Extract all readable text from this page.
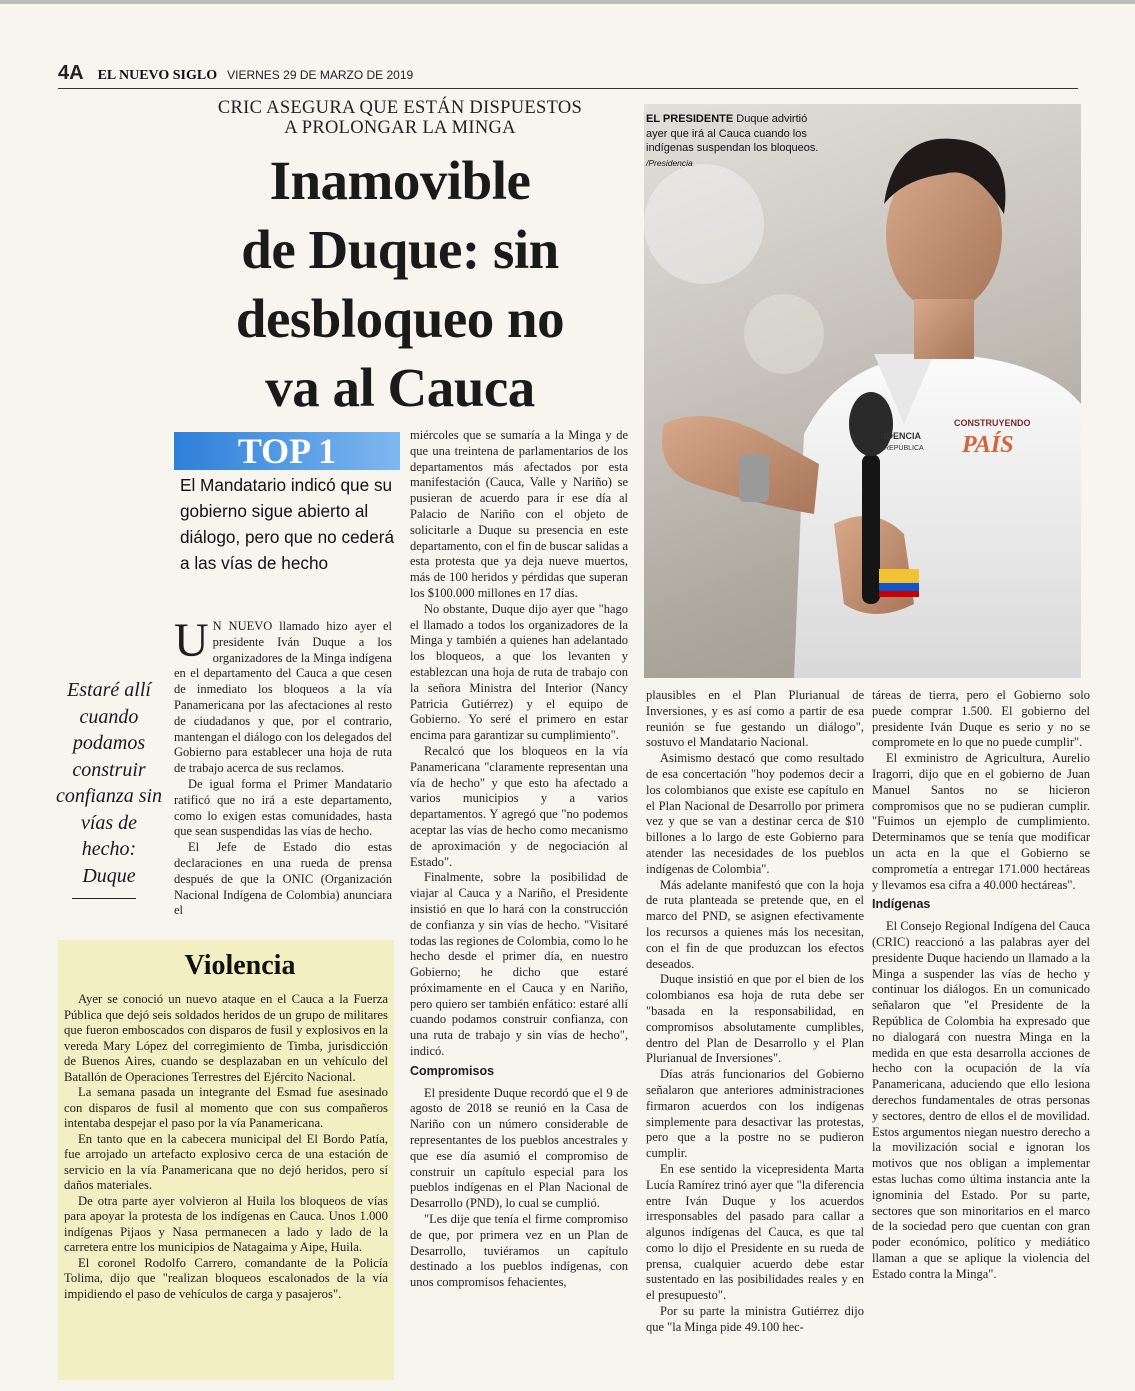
4A EL NUEVO SIGLO VIERNES 29 DE MARZO DE 2019
CRIC ASEGURA QUE ESTÁN DISPUESTOS
A PROLONGAR LA MINGA
Inamovible
de Duque: sin
desbloqueo no
va al Cauca
TOP 1
El Mandatario indicó que su gobierno sigue abierto al diálogo, pero que no cederá a las vías de hecho
Estaré allí cuando podamos construir confianza sin vías de hecho: Duque

U N NUEVO llamado hizo ayer el presidente Iván Duque a los organizadores de la Minga indígena en el departamento del Cauca a que cesen de inmediato los bloqueos a la vía Panamericana por las afectaciones al resto de ciudadanos y que, por el contrario, mantengan el diálogo con los delegados del Gobierno para establecer una hoja de ruta de trabajo acerca de sus reclamos.

De igual forma el Primer Mandatario ratificó que no irá a este departamento, como lo exigen estas comunidades, hasta que sean suspendidas las vías de hecho.

El Jefe de Estado dio estas declaraciones en una rueda de prensa después de que la ONIC (Organización Nacional Indígena de Colombia) anunciara el

miércoles que se sumaría a la Minga y de que una treintena de parlamentarios de los departamentos más afectados por esta manifestación (Cauca, Valle y Nariño) se pusieran de acuerdo para ir ese día al Palacio de Nariño con el objeto de solicitarle a Duque su presencia en este departamento, con el fin de buscar salidas a esta protesta que ya deja nueve muertos, más de 100 heridos y pérdidas que superan los $100.000 millones en 17 días.

No obstante, Duque dijo ayer que "hago el llamado a todos los organizadores de la Minga y también a quienes han adelantado los bloqueos, a que los levanten y establezcan una hoja de ruta de trabajo con la señora Ministra del Interior (Nancy Patricia Gutiérrez) y el equipo de Gobierno. Yo seré el primero en estar encima para garantizar su cumplimiento".

Recalcó que los bloqueos en la vía Panamericana "claramente representan una vía de hecho" y que esto ha afectado a varios municipios y a varios departamentos. Y agregó que "no podemos aceptar las vías de hecho como mecanismo de aproximación y de negociación al Estado".

Finalmente, sobre la posibilidad de viajar al Cauca y a Nariño, el Presidente insistió en que lo hará con la construcción de confianza y sin vías de hecho. "Visitaré todas las regiones de Colombia, como lo he hecho desde el primer día, en nuestro Gobierno; he dicho que estaré próximamente en el Cauca y en Nariño, pero quiero ser también enfático: estaré allí cuando podamos construir confianza, con una ruta de trabajo y sin vías de hecho", indicó.

Compromisos

El presidente Duque recordó que el 9 de agosto de 2018 se reunió en la Casa de Nariño con un número considerable de representantes de los pueblos ancestrales y que ese día asumió el compromiso de construir un capítulo especial para los pueblos indígenas en el Plan Nacional de Desarrollo (PND), lo cual se cumplió.

"Les dije que tenía el firme compromiso de que, por primera vez en un Plan de Desarrollo, tuviéramos un capítulo destinado a los pueblos indígenas, con unos compromisos fehacientes,

plausibles en el Plan Plurianual de Inversiones, y es así como a partir de esa reunión se fue gestando un diálogo", sostuvo el Mandatario Nacional.

Asimismo destacó que como resultado de esa concertación "hoy podemos decir a los colombianos que existe ese capítulo en el Plan Nacional de Desarrollo por primera vez y que se van a destinar cerca de $10 billones a lo largo de este Gobierno para atender las necesidades de los pueblos indígenas de Colombia".

Más adelante manifestó que con la hoja de ruta planteada se pretende que, en el marco del PND, se asignen efectivamente los recursos a quienes más los necesitan, con el fin de que produzcan los efectos deseados.

Duque insistió en que por el bien de los colombianos esa hoja de ruta debe ser "basada en la responsabilidad, en compromisos absolutamente cumplibles, dentro del Plan de Desarrollo y el Plan Plurianual de Inversiones".

Días atrás funcionarios del Gobierno señalaron que anteriores administraciones firmaron acuerdos con los indígenas simplemente para desactivar las protestas, pero que a la postre no se pudieron cumplir.

En ese sentido la vicepresidenta Marta Lucía Ramírez trinó ayer que "la diferencia entre Iván Duque y los acuerdos irresponsables del pasado para callar a algunos indígenas del Cauca, es que tal como lo dijo el Presidente en su rueda de prensa, cualquier acuerdo debe estar sustentado en las posibilidades reales y en el presupuesto".

Por su parte la ministra Gutiérrez dijo que "la Minga pide 49.100 hec-

táreas de tierra, pero el Gobierno solo puede comprar 1.500. El gobierno del presidente Iván Duque es serio y no se compromete en lo que no puede cumplir".

El exministro de Agricultura, Aurelio Iragorri, dijo que en el gobierno de Juan Manuel Santos no se hicieron compromisos que no se pudieran cumplir. "Fuimos un ejemplo de cumplimiento. Determinamos que se tenía que modificar un acta en la que el Gobierno se comprometía a entregar 171.000 hectáreas y llevamos esa cifra a 40.000 hectáreas".

Indígenas

El Consejo Regional Indígena del Cauca (CRIC) reaccionó a las palabras ayer del presidente Duque haciendo un llamado a la Minga a suspender las vías de hecho y continuar los diálogos. En un comunicado señalaron que "el Presidente de la República de Colombia ha expresado que no dialogará con nuestra Minga en la medida en que esta desarrolla acciones de hecho con la ocupación de la vía Panamericana, aduciendo que ello lesiona derechos fundamentales de otras personas y sectores, dentro de ellos el de movilidad. Estos argumentos niegan nuestro derecho a la movilización social e ignoran los motivos que nos obligan a implementar estas luchas como última instancia ante la ignominia del Estado. Por su parte, sectores que son minoritarios en el marco de la sociedad pero que cuentan con gran poder económico, político y mediático llaman a que se aplique la violencia del Estado contra la Minga".

Violencia

Ayer se conoció un nuevo ataque en el Cauca a la Fuerza Pública que dejó seis soldados heridos de un grupo de militares que fueron emboscados con disparos de fusil y explosivos en la vereda Mary López del corregimiento de Timba, jurisdicción de Buenos Aires, cuando se desplazaban en un vehículo del Batallón de Operaciones Terrestres del Ejército Nacional.

La semana pasada un integrante del Esmad fue asesinado con disparos de fusil al momento que con sus compañeros intentaba despejar el paso por la vía Panamericana.

En tanto que en la cabecera municipal del El Bordo Patía, fue arrojado un artefacto explosivo cerca de una estación de servicio en la vía Panamericana que no dejó heridos, pero sí daños materiales.

De otra parte ayer volvieron al Huila los bloqueos de vías para apoyar la protesta de los indígenas en Cauca. Unos 1.000 indígenas Pijaos y Nasa permanecen a lado y lado de la carretera entre los municipios de Natagaima y Aipe, Huila.

El coronel Rodolfo Carrero, comandante de la Policía Tolima, dijo que "realizan bloqueos escalonados de la vía impidiendo el paso de vehículos de carga y pasajeros".

CONSTRUYENDO
PAÍS
IDENCIA
REPÚBLICA
EL PRESIDENTE Duque advirtió ayer que irá al Cauca cuando los indígenas suspendan los bloqueos. /Presidencia
